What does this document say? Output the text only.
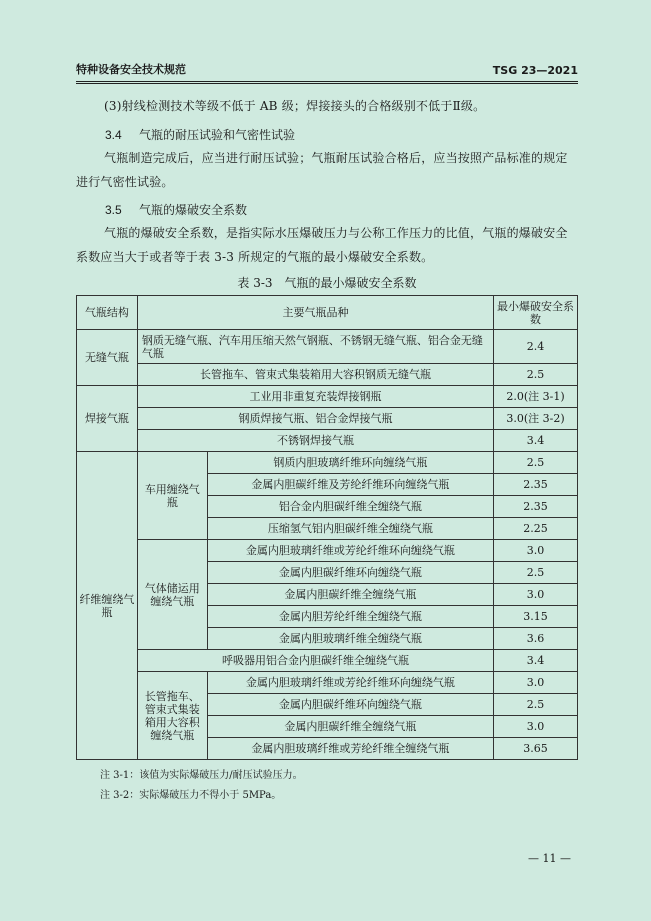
特种设备安全技术规范	TSG 23—2021
(3)射线检测技术等级不低于 AB 级；焊接接头的合格级别不低于Ⅱ级。
3.4 气瓶的耐压试验和气密性试验
气瓶制造完成后，应当进行耐压试验；气瓶耐压试验合格后，应当按照产品标准的规定进行气密性试验。
3.5 气瓶的爆破安全系数
气瓶的爆破安全系数，是指实际水压爆破压力与公称工作压力的比值，气瓶的爆破安全系数应当大于或者等于表 3-3 所规定的气瓶的最小爆破安全系数。
表 3-3　气瓶的最小爆破安全系数
气瓶结构	主要气瓶品种		最小爆破安全系数
无缝气瓶	钢质无缝气瓶、汽车用压缩天然气钢瓶、不锈钢无缝气瓶、铝合金无缝气瓶		2.4
	长管拖车、管束式集装箱用大容积钢质无缝气瓶		2.5
焊接气瓶	工业用非重复充装焊接钢瓶		2.0(注 3-1)
	钢质焊接气瓶、铝合金焊接气瓶		3.0(注 3-2)
	不锈钢焊接气瓶		3.4
纤维缠绕气瓶	车用缠绕气瓶	钢质内胆玻璃纤维环向缠绕气瓶	2.5
		金属内胆碳纤维及芳纶纤维环向缠绕气瓶	2.35
		铝合金内胆碳纤维全缠绕气瓶	2.35
		压缩氢气铝内胆碳纤维全缠绕气瓶	2.25
	气体储运用缠绕气瓶	金属内胆玻璃纤维或芳纶纤维环向缠绕气瓶	3.0
		金属内胆碳纤维环向缠绕气瓶	2.5
		金属内胆碳纤维全缠绕气瓶	3.0
		金属内胆芳纶纤维全缠绕气瓶	3.15
		金属内胆玻璃纤维全缠绕气瓶	3.6
	呼吸器用铝合金内胆碳纤维全缠绕气瓶		3.4
	长管拖车、管束式集装箱用大容积缠绕气瓶	金属内胆玻璃纤维或芳纶纤维环向缠绕气瓶	3.0
		金属内胆碳纤维环向缠绕气瓶	2.5
		金属内胆碳纤维全缠绕气瓶	3.0
		金属内胆玻璃纤维或芳纶纤维全缠绕气瓶	3.65
注 3-1：该值为实际爆破压力/耐压试验压力。
注 3-2：实际爆破压力不得小于 5MPa。
— 11 —
